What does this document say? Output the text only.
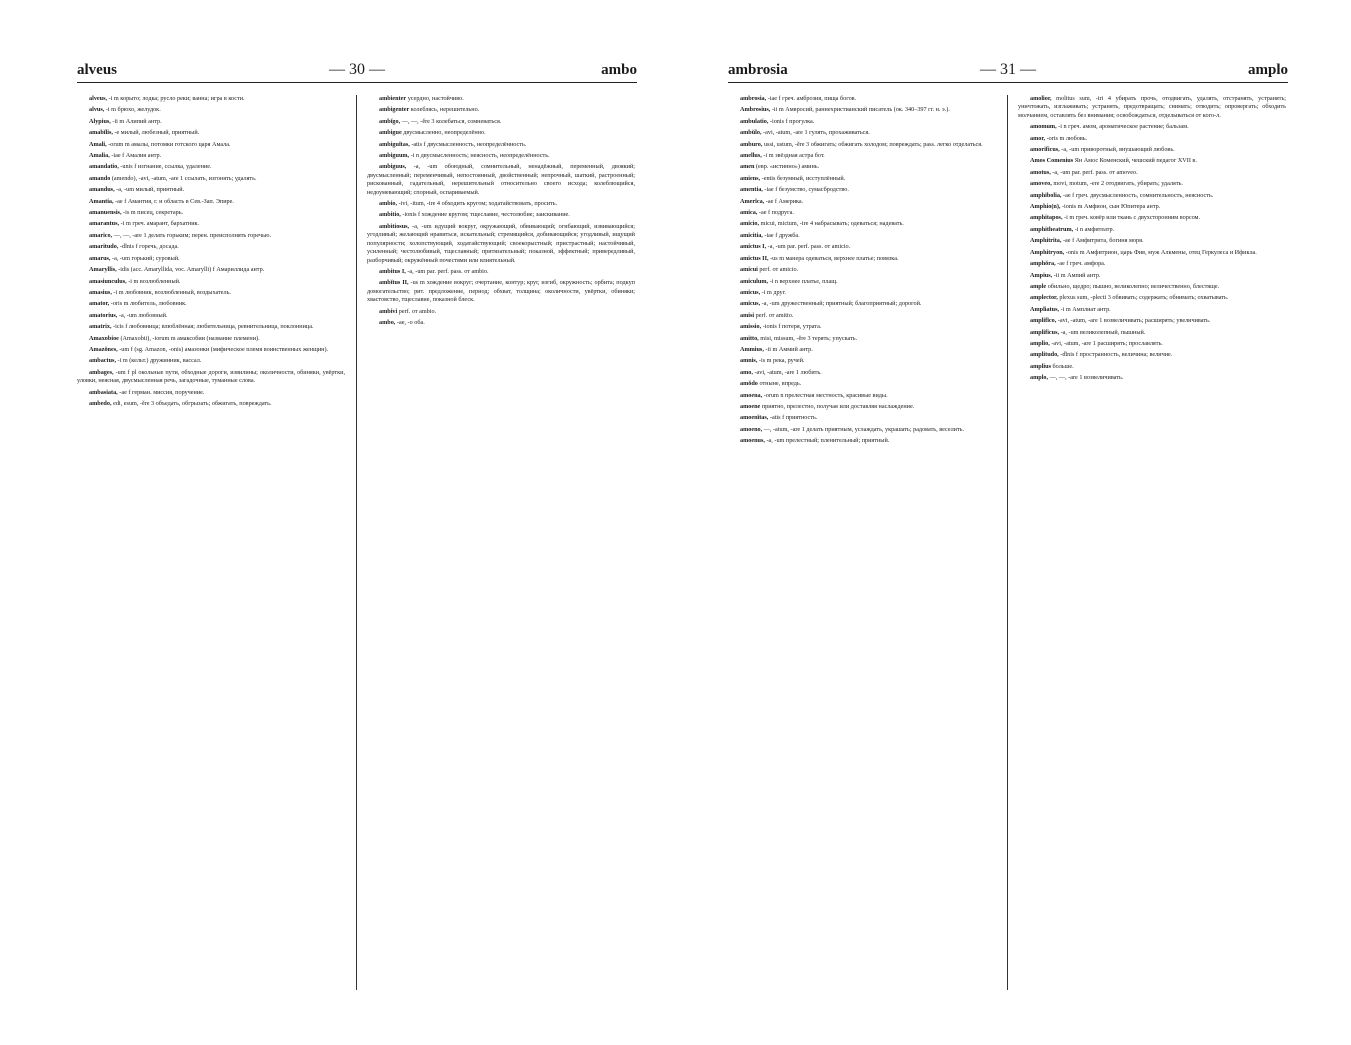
alveus	— 30 —	ambo

alveus, -i m корыто; лодка; русло реки; ванна; игра в кости.

alvus, -i m брюхо, желудок.

Alypius, -ii m Алипий антр.

amabĭlis, -e милый, любезный, приятный.

Amali, -orum m амалы, потомки готского царя Амала.

Amalia, -iae f Амалия антр.

amandatio, -unis f изгнание, ссылка, удаление.

amando (amendo), -avi, -atum, -are 1 ссылать, изгонять; удалять.

amandus, -a, -um милый, приятный.

Amantia, -ae f Амантия, г. и область в Сев.-Зап. Эпире.

amanuensis, -is m писец, секретарь.

amarantus, -i m греч. амарант, бархатник.

amarico, —, —, -are 1 делать горьким; перен. преисполнять горечью.

amaritudo, -dĭnis f горечь, досада.

amarus, -a, -um горький; суровый.

Amaryllis, -idis (acc. Amaryllida, voc. Amarylli) f Амариллида антр.

amasiunculus, -i m возлюбленный.

amasius, -i m любовник, возлюбленный, воздыхатель.

amator, -oris m любитель, любовник.

amatorius, -a, -um любовный.

amatrix, -icis f любовница; влюблённая; любительница, ревнительница, поклонница.

Amaxobioe (Amaxobii), -iorum m амаксобии (название племени).

Amazŏnes, -um f (sg. Amazon, -onis) амазонки (мифическое племя воинственных женщин).

ambactus, -i m (кельт.) дружинник, вассал.

ambages, -um f pl окольные пути, обходные дороги, извилины; околичности, обиняки, увёртки, уловки, неясная, двусмысленная речь, загадочные, туманные слова.

ambasiata, -ae f герман. миссия, поручение.

ambedo, edi, esum, -ĕre 3 объедать, обгрызать; обжигать, повреждать.

ambienter усердно, настойчиво.

ambigenter колеблясь, нерешительно.

ambĭgo, —, —, -ĕre 3 колебаться, сомневаться.

ambigue двусмысленно, неопределённо.

ambiguĭtas, -atis f двусмысленность, неопределённость.

ambiguum, -i n двусмысленность; неясность, неопределённость.

ambiguus, -a, -um обоюдный, сомнительный, ненадёжный, переменный, двоякий; двусмысленный; переменчивый, непостоянный, двойственный; непрочный, шаткий, растроенный; рискованный, гадательный, нерешительный относительно своего исхода; колеблющийся, недоумевающий; спорный, оспариваемый.

ambio, -ivi, -itum, -ire 4 обходить кругом; ходатайствовать, просить.

ambitio, -ionis f хождение кругом; тщеславие, честолюбие; заискивание.

ambitiosus, -a, -um идущий вокруг, окружающий, обвивающий; огибающий, извивающийся; угодливый; желающий нравиться, искательный; стремящийся, добивающийся; угодливый, ищущий популярности; холопствующий, ходатайствующий; своекорыстный; пристрастный; настойчивый, усиленный; честолюбивый, тщеславный; притязательный; показной, эффектный; привередливый, разборчивый; окружённый почестями или влиятельный.

ambitus I, -a, -um par. perf. pass. от ambio.

ambĭtus II, -us m хождение вокруг; очертание, контур; круг, изгиб, окружность; орбита; подкуп домогательство; рит. предложение, период; обхват, толщина; околичности, увёртки, обиняки; хвастовство, тщеславие, показной блеск.

ambivi perf. от ambio.

ambo, -ae, -o оба.

ambrosia	— 31 —	amplo

ambrosia, -iae f греч. амброзия, пища богов.

Ambrosius, -ii m Амвросий, раннехристианский писатель (ок. 340–397 гг. н. э.).

ambulatio, -ionis f прогулка.

ambŭlo, -avi, -atum, -are 1 гулять, прохаживаться.

amburo, ussi, ustum, -ĕre 3 обжигать; обжигать холодом; повреждать; pass. легко отделаться.

amellus, -i m звёздная астра бот.

amen (евр. «истинно») аминь.

amiens, -entis безумный, исступлённый.

amentia, -iae f безумство, сумасбродство.

Amerĭca, -ae f Америка.

amica, -ae f подруга.

amicio, micui, mictum, -ire 4 набрасывать; одеваться; надевать.

amicitia, -iae f дружба.

amictus I, -a, -um par. perf. pass. от amicio.

amictus II, -us m манера одеваться, верхнее платье; повязка.

amicui perf. от amicio.

amiculum, -i n верхнее платье, плащ.

amicus, -i m друг.

amicus, -a, -um дружественный; приятный; благоприятный; дорогой.

amisi perf. от amitto.

amissio, -ionis f потеря, утрата.

amitto, misi, missum, -ĕre 3 терять; упускать.

Ammius, -ii m Аммий антр.

amnis, -is m река, ручей.

amo, -avi, -atum, -are 1 любить.

amŏdo отныне, впредь.

amoena, -orum n прелестная местность, красивые виды.

amoene приятно, прелестно, получая или доставляя наслаждение.

amoenĭtas, -atis f приятность.

amoeno, —, -atum, -are 1 делать приятным, услаждать, украшать; радовать, веселить.

amoenus, -a, -um прелестный; пленительный; приятный.

amolior, molitus sum, -iri 4 убирать прочь, отодвигать, удалять, отстранять, устранять; уничтожать, изглаживать; устранять, предотвращать; снимать; отводить; опровергать; обходить молчанием, оставлять без внимания; освобождаться, отделываться от кого-л.

amomum, -i n греч. амом, ароматическое растение; бальзам.

amor, -oris m любовь.

amorificus, -a, -um приворотный, внушающий любовь.

Amos Comenius Ян Амос Коменский, чешский педагог XVII в.

amotus, -a, -um par. perf. pass. от amoveo.

amoveo, movi, motum, -ere 2 отодвигать, убирать; удалять.

amphibolia, -ae f греч. двусмысленность, сомнительность, неясность.

Amphio(n), -ionis m Амфион, сын Юпитера антр.

amphitapos, -i m греч. ковёр или ткань с двухсторонним ворсом.

amphitheatrum, -i n амфитеатр.

Amphitrita, -ae f Амфитрита, богиня моря.

Amphitryon, -onis m Амфитрион, царь Фив, муж Алкмены, отец Геркулеса и Ификла.

amphŏra, -ae f греч. амфора.

Ampius, -ii m Ампий антр.

ample обильно, щедро; пышно, великолепно; величественно, блестяще.

amplector, plexus sum, -plecti 3 обвивать; содержать; обнимать; охватывать.

Ampliatus, -i m Амплиат антр.

amplifĭco, -avi, -atum, -are 1 возвеличивать; расширять; увеличивать.

amplificus, -a, -um великолепный, пышный.

amplio, -avi, -atum, -are 1 расширять; прославлять.

amplitudo, -dĭnis f пространность, величина; величие.

amplius больше.

amplo, —, —, -are 1 возвеличивать.
